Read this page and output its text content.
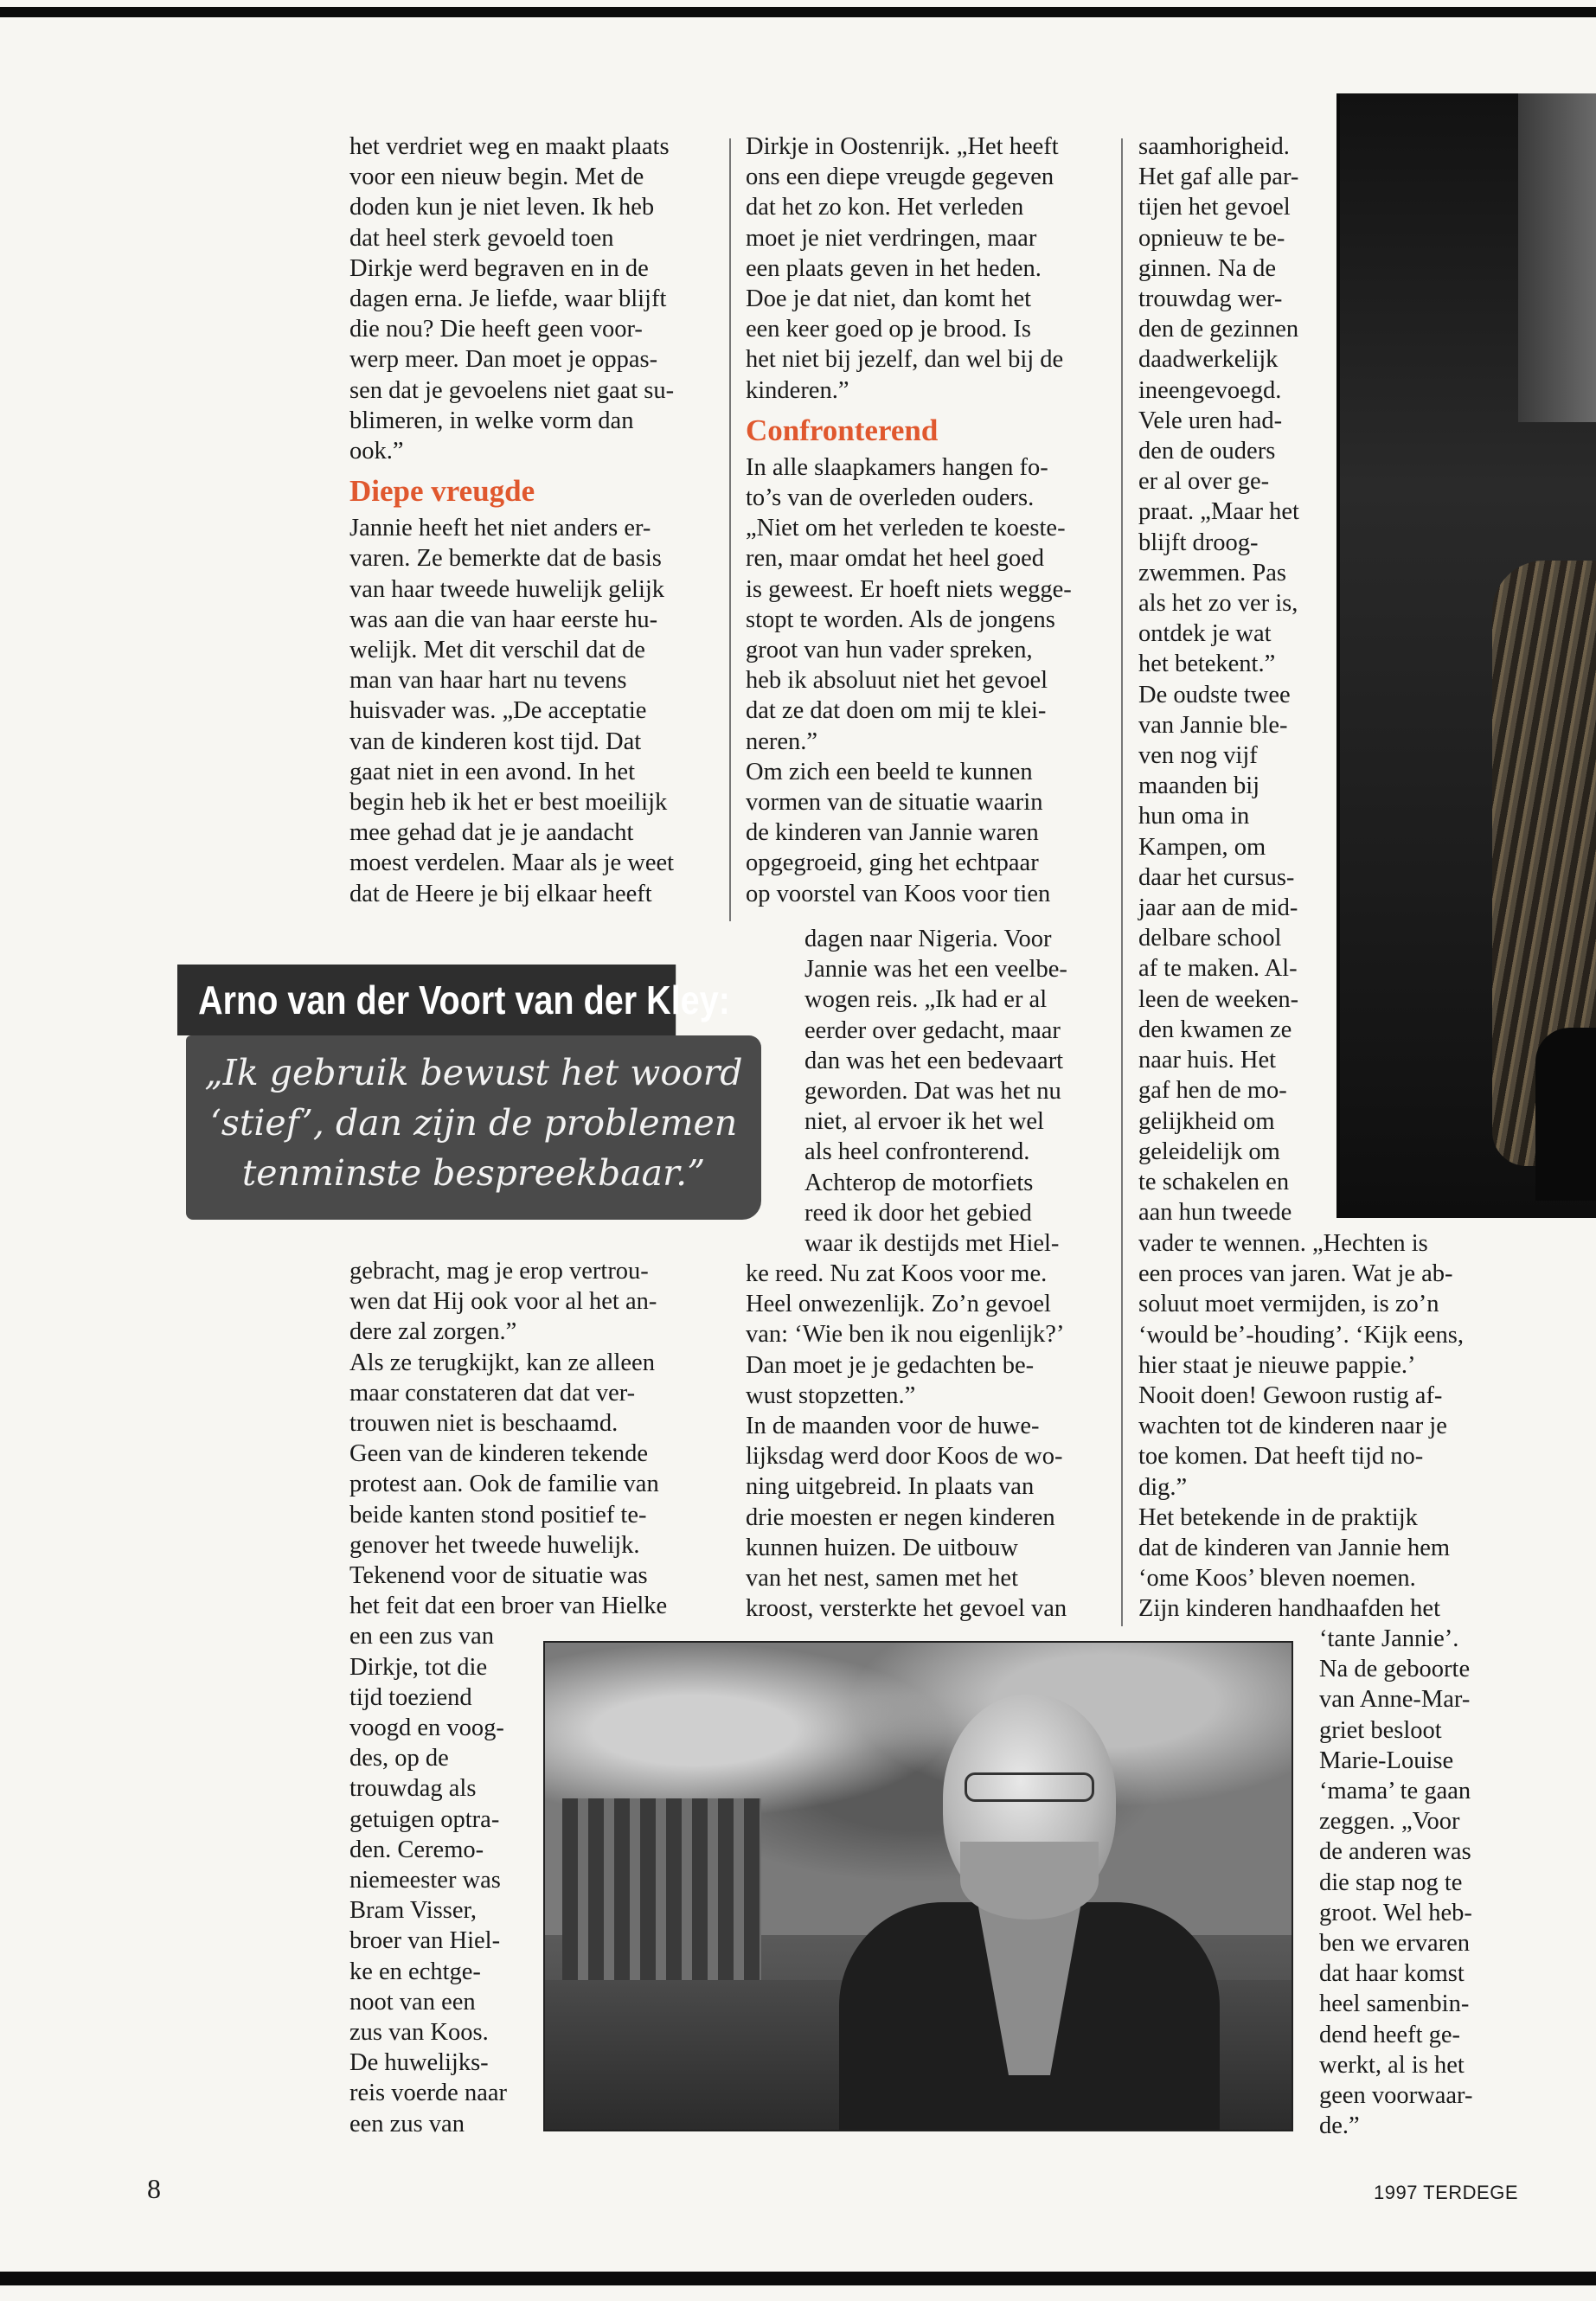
het verdriet weg en maakt plaats
voor een nieuw begin. Met de
doden kun je niet leven. Ik heb
dat heel sterk gevoeld toen
Dirkje werd begraven en in de
dagen erna. Je liefde, waar blijft
die nou? Die heeft geen voor-
werp meer. Dan moet je oppas-
sen dat je gevoelens niet gaat su-
blimeren, in welke vorm dan
ook.”

Diepe vreugde

Jannie heeft het niet anders er-
varen. Ze bemerkte dat de basis
van haar tweede huwelijk gelijk
was aan die van haar eerste hu-
welijk. Met dit verschil dat de
man van haar hart nu tevens
huisvader was. „De acceptatie
van de kinderen kost tijd. Dat
gaat niet in een avond. In het
begin heb ik het er best moeilijk
mee gehad dat je je aandacht
moest verdelen. Maar als je weet
dat de Heere je bij elkaar heeft

gebracht, mag je erop vertrou-
wen dat Hij ook voor al het an-
dere zal zorgen.”
Als ze terugkijkt, kan ze alleen
maar constateren dat dat ver-
trouwen niet is beschaamd.
Geen van de kinderen tekende
protest aan. Ook de familie van
beide kanten stond positief te-
genover het tweede huwelijk.
Tekenend voor de situatie was
het feit dat een broer van Hielke

en een zus van
Dirkje, tot die
tijd toeziend
voogd en voog-
des, op de
trouwdag als
getuigen optra-
den. Ceremo-
niemeester was
Bram Visser,
broer van Hiel-
ke en echtge-
noot van een
zus van Koos.
De huwelijks-
reis voerde naar
een zus van

Dirkje in Oostenrijk. „Het heeft
ons een diepe vreugde gegeven
dat het zo kon. Het verleden
moet je niet verdringen, maar
een plaats geven in het heden.
Doe je dat niet, dan komt het
een keer goed op je brood. Is
het niet bij jezelf, dan wel bij de
kinderen.”

Confronterend

In alle slaapkamers hangen fo-
to’s van de overleden ouders.
„Niet om het verleden te koeste-
ren, maar omdat het heel goed
is geweest. Er hoeft niets wegge-
stopt te worden. Als de jongens
groot van hun vader spreken,
heb ik absoluut niet het gevoel
dat ze dat doen om mij te klei-
neren.”
Om zich een beeld te kunnen
vormen van de situatie waarin
de kinderen van Jannie waren
opgegroeid, ging het echtpaar
op voorstel van Koos voor tien

dagen naar Nigeria. Voor
Jannie was het een veelbe-
wogen reis. „Ik had er al
eerder over gedacht, maar
dan was het een bedevaart
geworden. Dat was het nu
niet, al ervoer ik het wel
als heel confronterend.
Achterop de motorfiets
reed ik door het gebied
waar ik destijds met Hiel-

ke reed. Nu zat Koos voor me.
Heel onwezenlijk. Zo’n gevoel
van: ‘Wie ben ik nou eigenlijk?’
Dan moet je je gedachten be-
wust stopzetten.”
In de maanden voor de huwe-
lijksdag werd door Koos de wo-
ning uitgebreid. In plaats van
drie moesten er negen kinderen
kunnen huizen. De uitbouw
van het nest, samen met het
kroost, versterkte het gevoel van

saamhorigheid.
Het gaf alle par-
tijen het gevoel
opnieuw te be-
ginnen. Na de
trouwdag wer-
den de gezinnen
daadwerkelijk
ineengevoegd.
Vele uren had-
den de ouders
er al over ge-
praat. „Maar het
blijft droog-
zwemmen. Pas
als het zo ver is,
ontdek je wat
het betekent.”
De oudste twee
van Jannie ble-
ven nog vijf
maanden bij
hun oma in
Kampen, om
daar het cursus-
jaar aan de mid-
delbare school
af te maken. Al-
leen de weeken-
den kwamen ze
naar huis. Het
gaf hen de mo-
gelijkheid om
geleidelijk om
te schakelen en
aan hun tweede

vader te wennen. „Hechten is
een proces van jaren. Wat je ab-
soluut moet vermijden, is zo’n
‘would be’-houding’. ‘Kijk eens,
hier staat je nieuwe pappie.’
Nooit doen! Gewoon rustig af-
wachten tot de kinderen naar je
toe komen. Dat heeft tijd no-
dig.”
Het betekende in de praktijk
dat de kinderen van Jannie hem
‘ome Koos’ bleven noemen.
Zijn kinderen handhaafden het

‘tante Jannie’.
Na de geboorte
van Anne-Mar-
griet besloot
Marie-Louise
‘mama’ te gaan
zeggen. „Voor
de anderen was
die stap nog te
groot. Wel heb-
ben we ervaren
dat haar komst
heel samenbin-
dend heeft ge-
werkt, al is het
geen voorwaar-
de.”

Arno van der Voort van der Kley:
„Ik gebruik bewust het woord
‘stief’, dan zijn de problemen
tenminste bespreekbaar.”
8	1997 TERDEGE
